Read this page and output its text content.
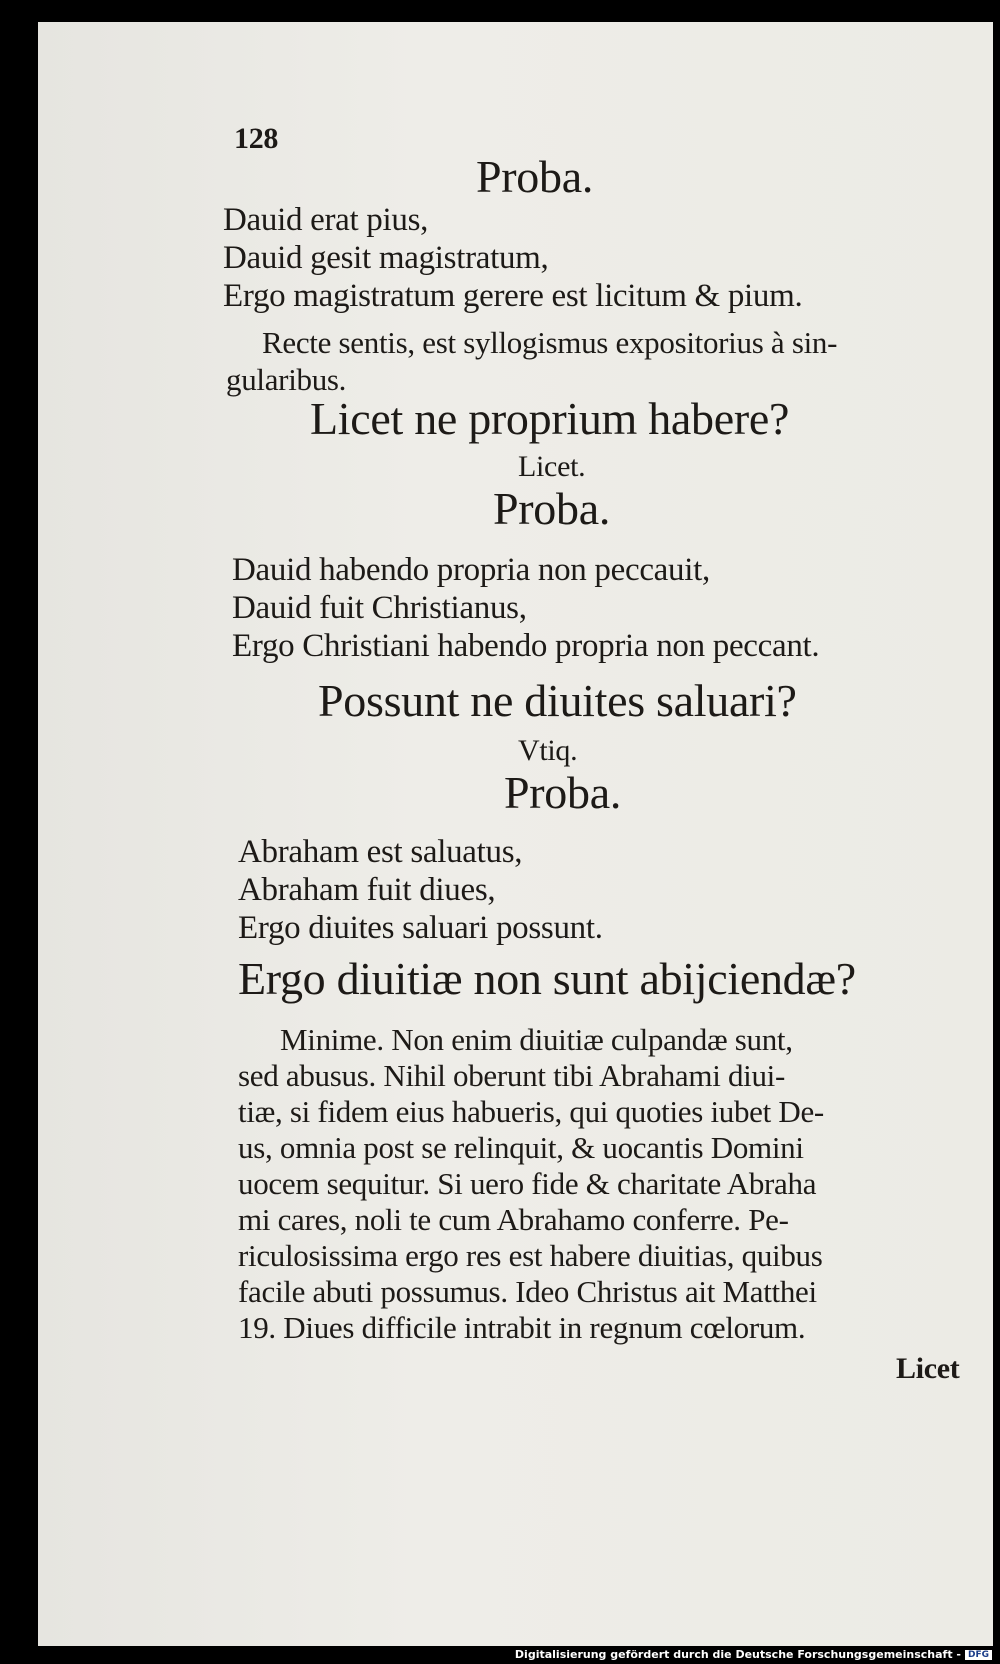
128
Proba.
Dauid erat pius,
Dauid gesit magistratum,
Ergo magistratum gerere est licitum & pium.
Recte sentis, est syllogismus expositorius à sin-
gularibus.
Licet ne proprium habere?
Licet.
Proba.
Dauid habendo propria non peccauit,
Dauid fuit Christianus,
Ergo Christiani habendo propria non peccant.
Possunt ne diuites saluari?
Vtiq.
Proba.
Abraham est saluatus,
Abraham fuit diues,
Ergo diuites saluari possunt.
Ergo diuitiæ non sunt abijciendæ?
Minime. Non enim diuitiæ culpandæ sunt,
sed abusus. Nihil oberunt tibi Abrahami diui-
tiæ, si fidem eius habueris, qui quoties iubet De-
us, omnia post se relinquit, & uocantis Domini
uocem sequitur. Si uero fide & charitate Abraha
mi cares, noli te cum Abrahamo conferre. Pe-
riculosissima ergo res est habere diuitias, quibus
facile abuti possumus. Ideo Christus ait Matthei
19. Diues difficile intrabit in regnum cœlorum.
Licet
Digitalisierung gefördert durch die Deutsche Forschungsgemeinschaft - DFG
